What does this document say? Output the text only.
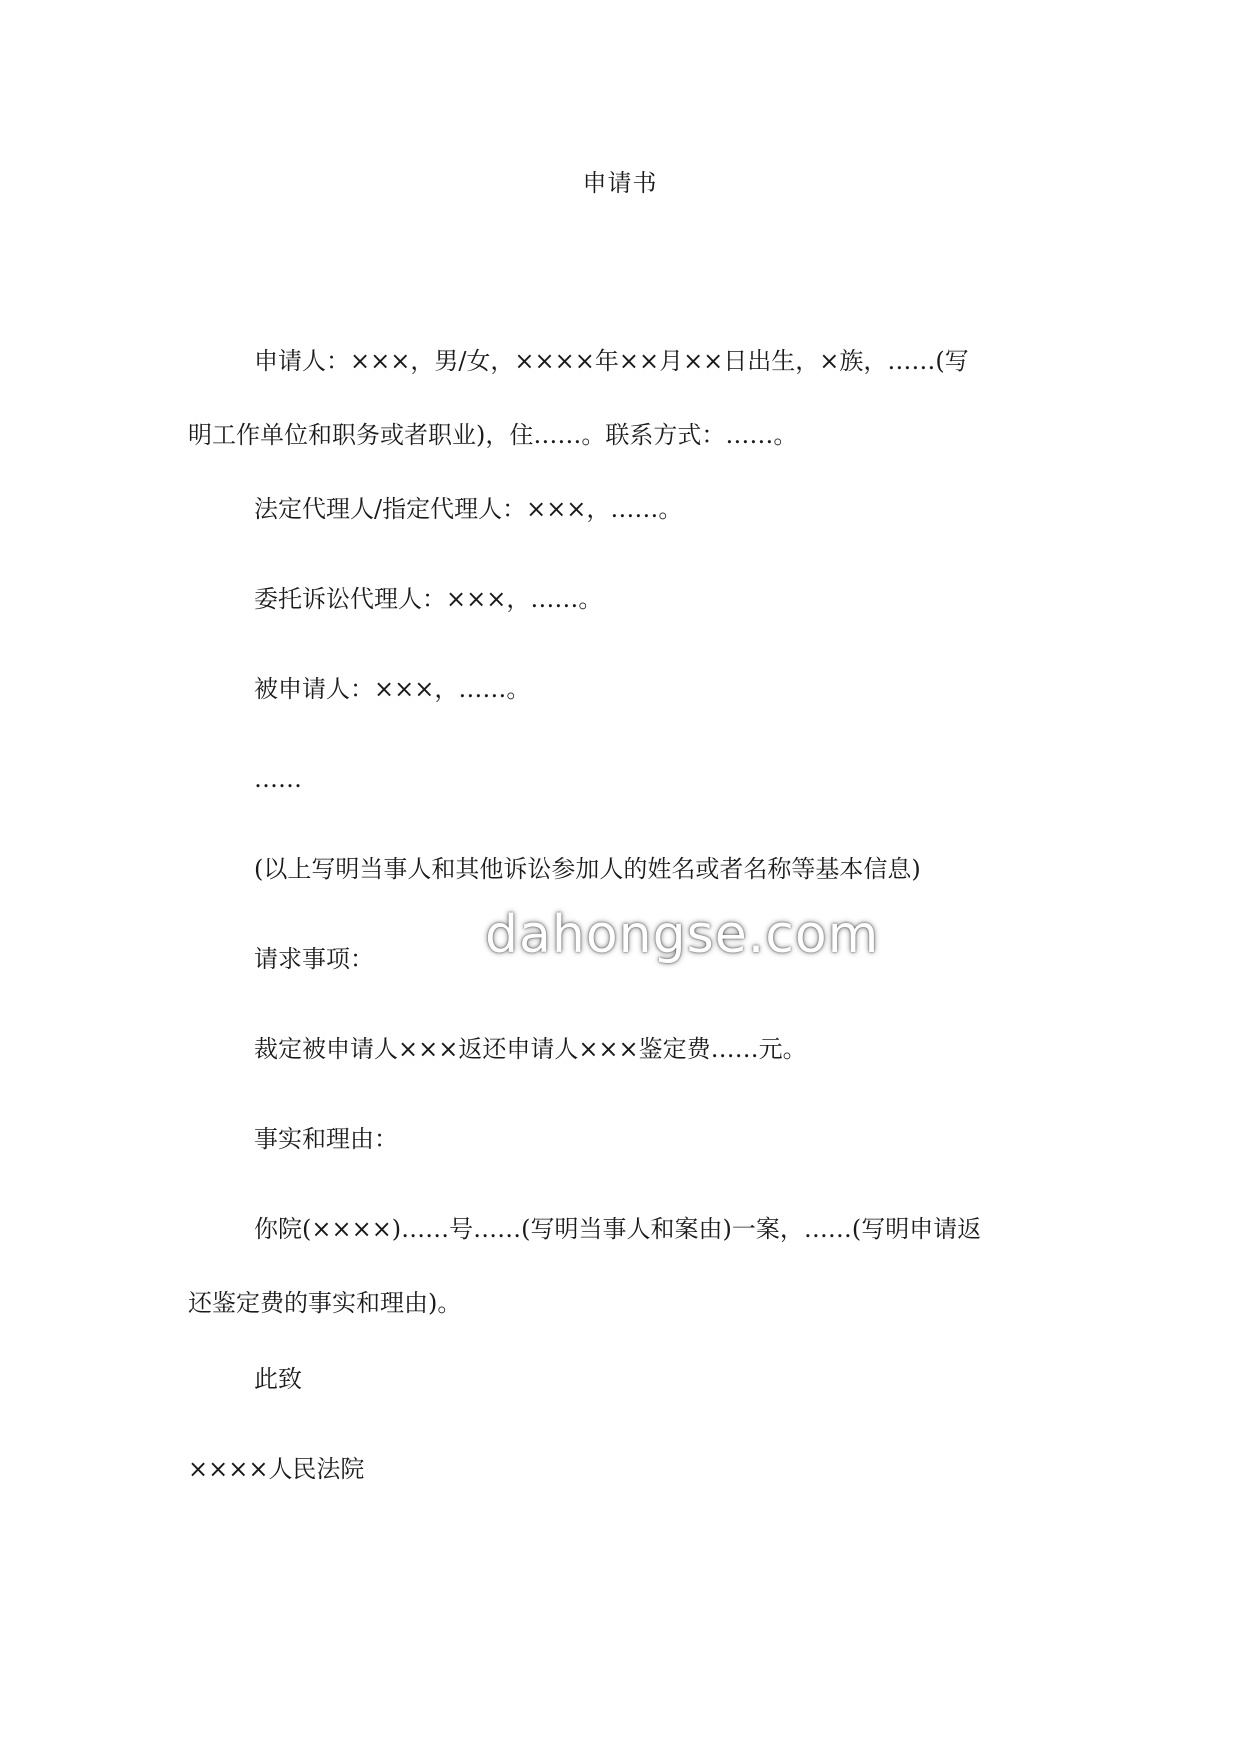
申请书
申请人：×××，男/女，××××年××月××日出生，×族，……(写
明工作单位和职务或者职业)，住……。联系方式：……。
法定代理人/指定代理人：×××，……。
委托诉讼代理人：×××，……。
被申请人：×××，……。
……
(以上写明当事人和其他诉讼参加人的姓名或者名称等基本信息)
请求事项：
裁定被申请人×××返还申请人×××鉴定费……元。
事实和理由：
你院(××××)……号……(写明当事人和案由)一案，……(写明申请返
还鉴定费的事实和理由)。
此致
××××人民法院
dahongse.com
